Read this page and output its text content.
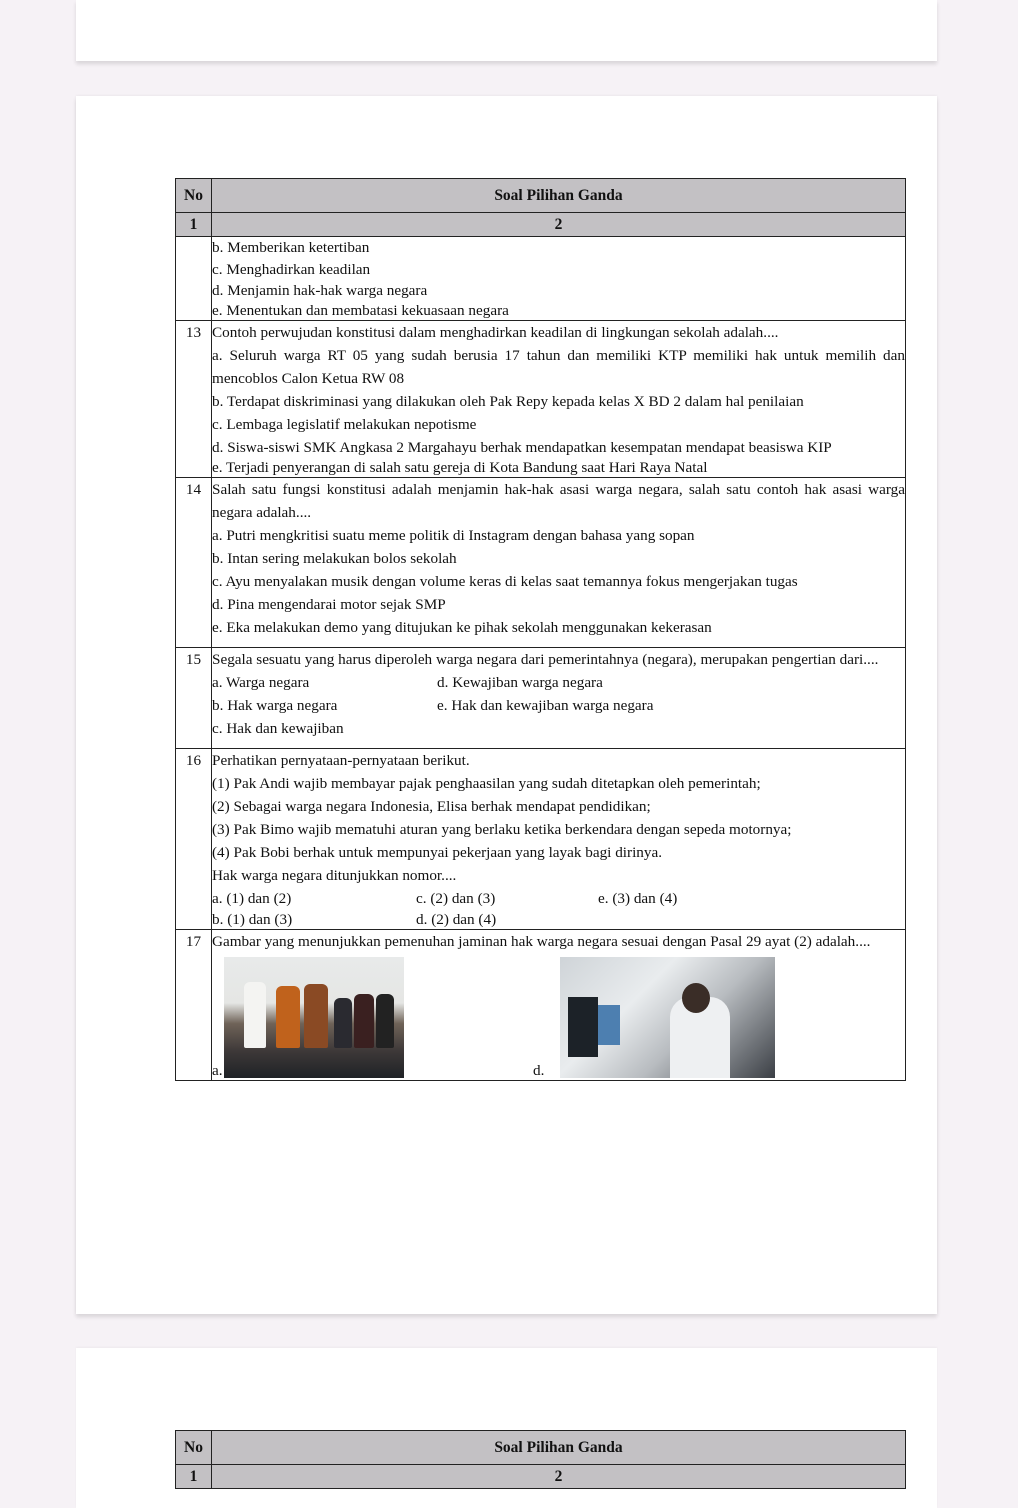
No	Soal Pilihan Ganda
1	2

	b. Memberikan ketertiban
c. Menghadirkan keadilan
d. Menjamin hak-hak warga negara
e. Menentukan dan membatasi kekuasaan negara

13	Contoh perwujudan konstitusi dalam menghadirkan keadilan di lingkungan sekolah adalah....
a. Seluruh warga RT 05 yang sudah berusia 17 tahun dan memiliki KTP memiliki hak untuk memilih dan mencoblos Calon Ketua RW 08
b. Terdapat diskriminasi yang dilakukan oleh Pak Repy kepada kelas X BD 2 dalam hal penilaian
c. Lembaga legislatif melakukan nepotisme
d. Siswa-siswi SMK Angkasa 2 Margahayu berhak mendapatkan kesempatan mendapat beasiswa KIP
e. Terjadi penyerangan di salah satu gereja di Kota Bandung saat Hari Raya Natal

14	Salah satu fungsi konstitusi adalah menjamin hak-hak asasi warga negara, salah satu contoh hak asasi warga negara adalah....
a. Putri mengkritisi suatu meme politik di Instagram dengan bahasa yang sopan
b. Intan sering melakukan bolos sekolah
c. Ayu menyalakan musik dengan volume keras di kelas saat temannya fokus mengerjakan tugas
d. Pina mengendarai motor sejak SMP
e. Eka melakukan demo yang ditujukan ke pihak sekolah menggunakan kekerasan

15	Segala sesuatu yang harus diperoleh warga negara dari pemerintahnya (negara), merupakan pengertian dari....
a. Warga negara	d. Kewajiban warga negara
b. Hak warga negara	e. Hak dan kewajiban warga negara
c. Hak dan kewajiban

16	Perhatikan pernyataan-pernyataan berikut.
(1) Pak Andi wajib membayar pajak penghaasilan yang sudah ditetapkan oleh pemerintah;
(2) Sebagai warga negara Indonesia, Elisa berhak mendapat pendidikan;
(3) Pak Bimo wajib mematuhi aturan yang berlaku ketika berkendara dengan sepeda motornya;
(4) Pak Bobi berhak untuk mempunyai pekerjaan yang layak bagi dirinya.
Hak warga negara ditunjukkan nomor....
a. (1) dan (2)	c. (2) dan (3)	e. (3) dan (4)
b. (1) dan (3)	d. (2) dan (4)

17	Gambar yang menunjukkan pemenuhan jaminan hak warga negara sesuai dengan Pasal 29 ayat (2) adalah....
a. d.
No	Soal Pilihan Ganda
1	2
